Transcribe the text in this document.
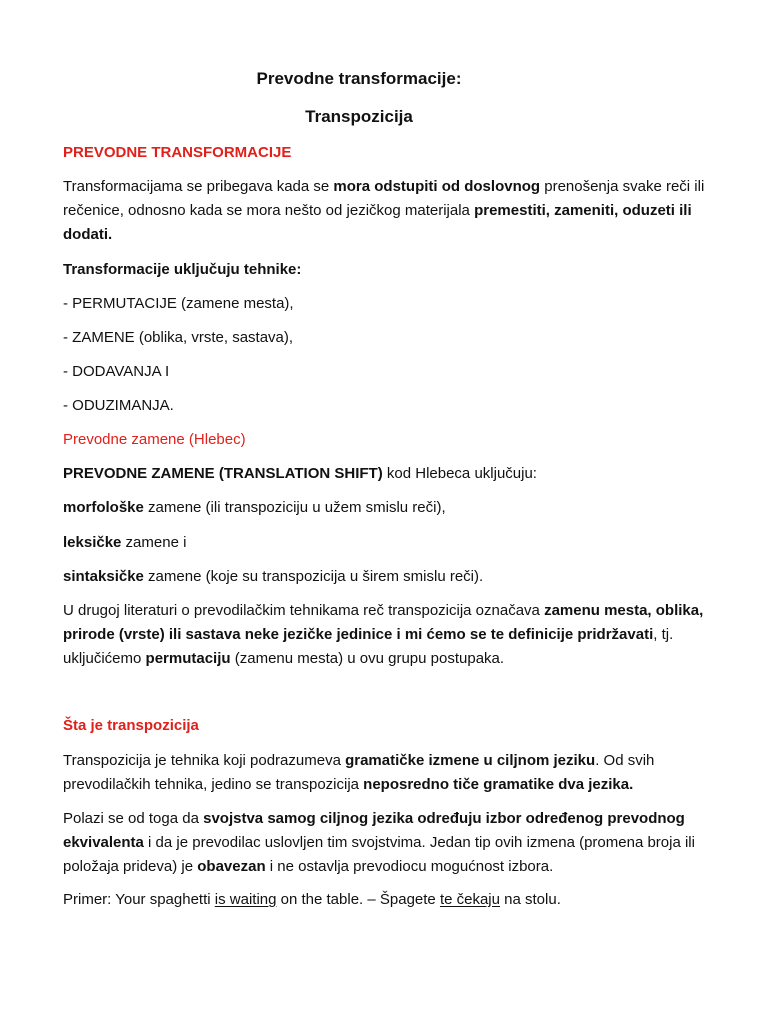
Prevodne transformacije:
Transpozicija
PREVODNE TRANSFORMACIJE
Transformacijama se pribegava kada se mora odstupiti od doslovnog prenošenja svake reči ili rečenice, odnosno kada se mora nešto od jezičkog materijala premestiti, zameniti, oduzeti ili dodati.
Transformacije uključuju tehnike:
- PERMUTACIJE (zamene mesta),
- ZAMENE (oblika, vrste, sastava),
- DODAVANJA I
- ODUZIMANJA.
Prevodne zamene (Hlebec)
PREVODNE ZAMENE (TRANSLATION SHIFT) kod Hlebeca uključuju:
morfološke zamene (ili transpoziciju u užem smislu reči),
leksičke zamene i
sintaksičke zamene (koje su transpozicija u širem smislu reči).
U drugoj literaturi o prevodilačkim tehnikama reč transpozicija označava zamenu mesta, oblika, prirode (vrste) ili sastava neke jezičke jedinice i mi ćemo se te definicije pridržavati, tj. uključićemo permutaciju (zamenu mesta) u ovu grupu postupaka.
Šta je transpozicija
Transpozicija je tehnika koji podrazumeva gramatičke izmene u ciljnom jeziku. Od svih prevodilačkih tehnika, jedino se transpozicija neposredno tiče gramatike dva jezika.
Polazi se od toga da svojstva samog ciljnog jezika određuju izbor određenog prevodnog ekvivalenta i da je prevodilac uslovljen tim svojstvima. Jedan tip ovih izmena (promena broja ili položaja prideva) je obavezan i ne ostavlja prevodiocu mogućnost izbora.
Primer: Your spaghetti is waiting on the table. – Špagete te čekaju na stolu.
